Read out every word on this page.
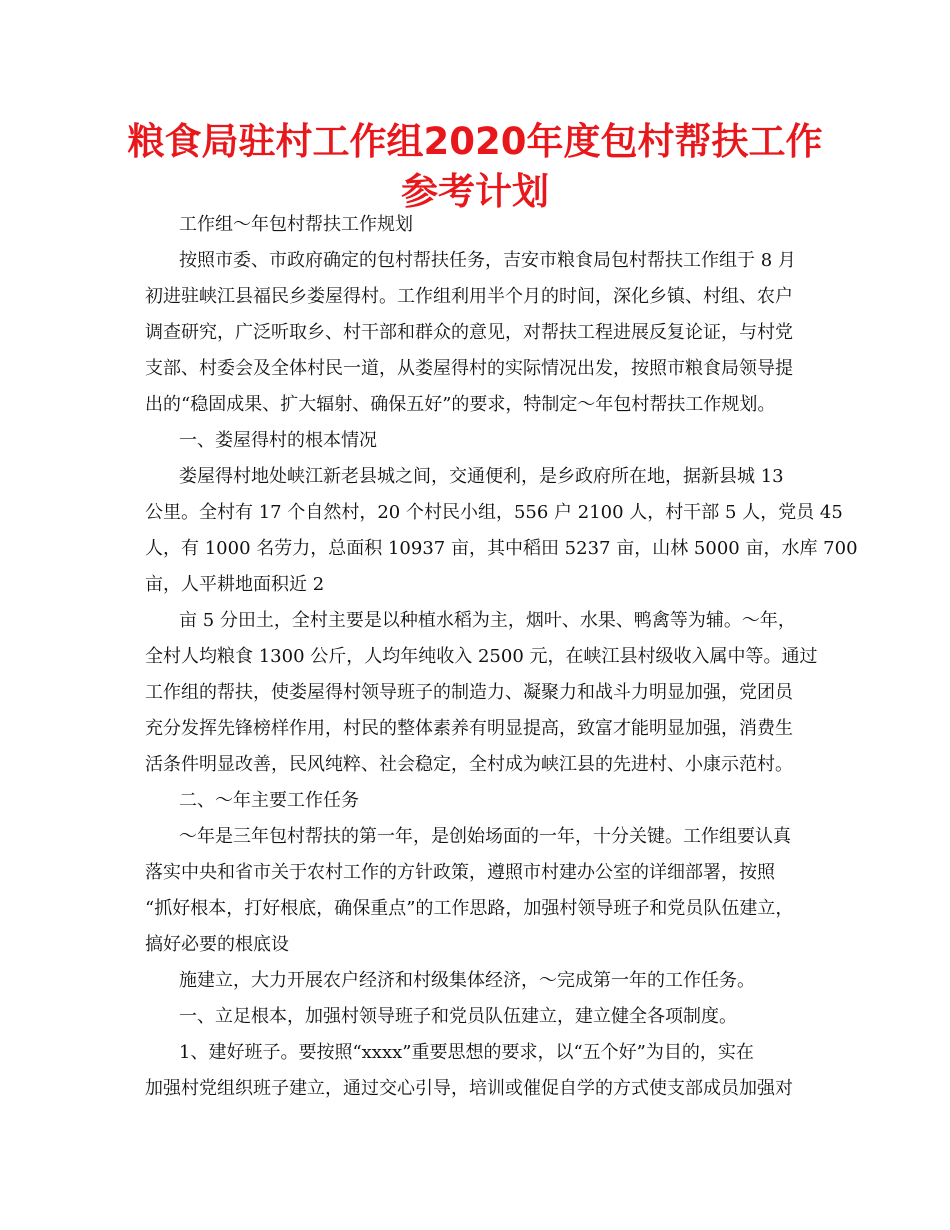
粮食局驻村工作组2020年度包村帮扶工作
参考计划
工作组～年包村帮扶工作规划
按照市委、市政府确定的包村帮扶任务，吉安市粮食局包村帮扶工作组于 8 月
初进驻峡江县福民乡娄屋得村。工作组利用半个月的时间，深化乡镇、村组、农户
调查研究，广泛听取乡、村干部和群众的意见，对帮扶工程进展反复论证，与村党
支部、村委会及全体村民一道，从娄屋得村的实际情况出发，按照市粮食局领导提
出的“稳固成果、扩大辐射、确保五好”的要求，特制定～年包村帮扶工作规划。
一、娄屋得村的根本情况
娄屋得村地处峡江新老县城之间，交通便利，是乡政府所在地，据新县城 13
公里。全村有 17 个自然村，20 个村民小组，556 户 2100 人，村干部 5 人，党员 45
人，有 1000 名劳力，总面积 10937 亩，其中稻田 5237 亩，山林 5000 亩，水库 700
亩，人平耕地面积近 2
亩 5 分田土，全村主要是以种植水稻为主，烟叶、水果、鸭禽等为辅。～年，
全村人均粮食 1300 公斤，人均年纯收入 2500 元，在峡江县村级收入属中等。通过
工作组的帮扶，使娄屋得村领导班子的制造力、凝聚力和战斗力明显加强，党团员
充分发挥先锋榜样作用，村民的整体素养有明显提高，致富才能明显加强，消费生
活条件明显改善，民风纯粹、社会稳定，全村成为峡江县的先进村、小康示范村。
二、～年主要工作任务
～年是三年包村帮扶的第一年，是创始场面的一年，十分关键。工作组要认真
落实中央和省市关于农村工作的方针政策，遵照市村建办公室的详细部署，按照
“抓好根本，打好根底，确保重点”的工作思路，加强村领导班子和党员队伍建立，
搞好必要的根底设
施建立，大力开展农户经济和村级集体经济，～完成第一年的工作任务。
一、立足根本，加强村领导班子和党员队伍建立，建立健全各项制度。
1、建好班子。要按照“xxxx”重要思想的要求，以“五个好”为目的，实在
加强村党组织班子建立，通过交心引导，培训或催促自学的方式使支部成员加强对
